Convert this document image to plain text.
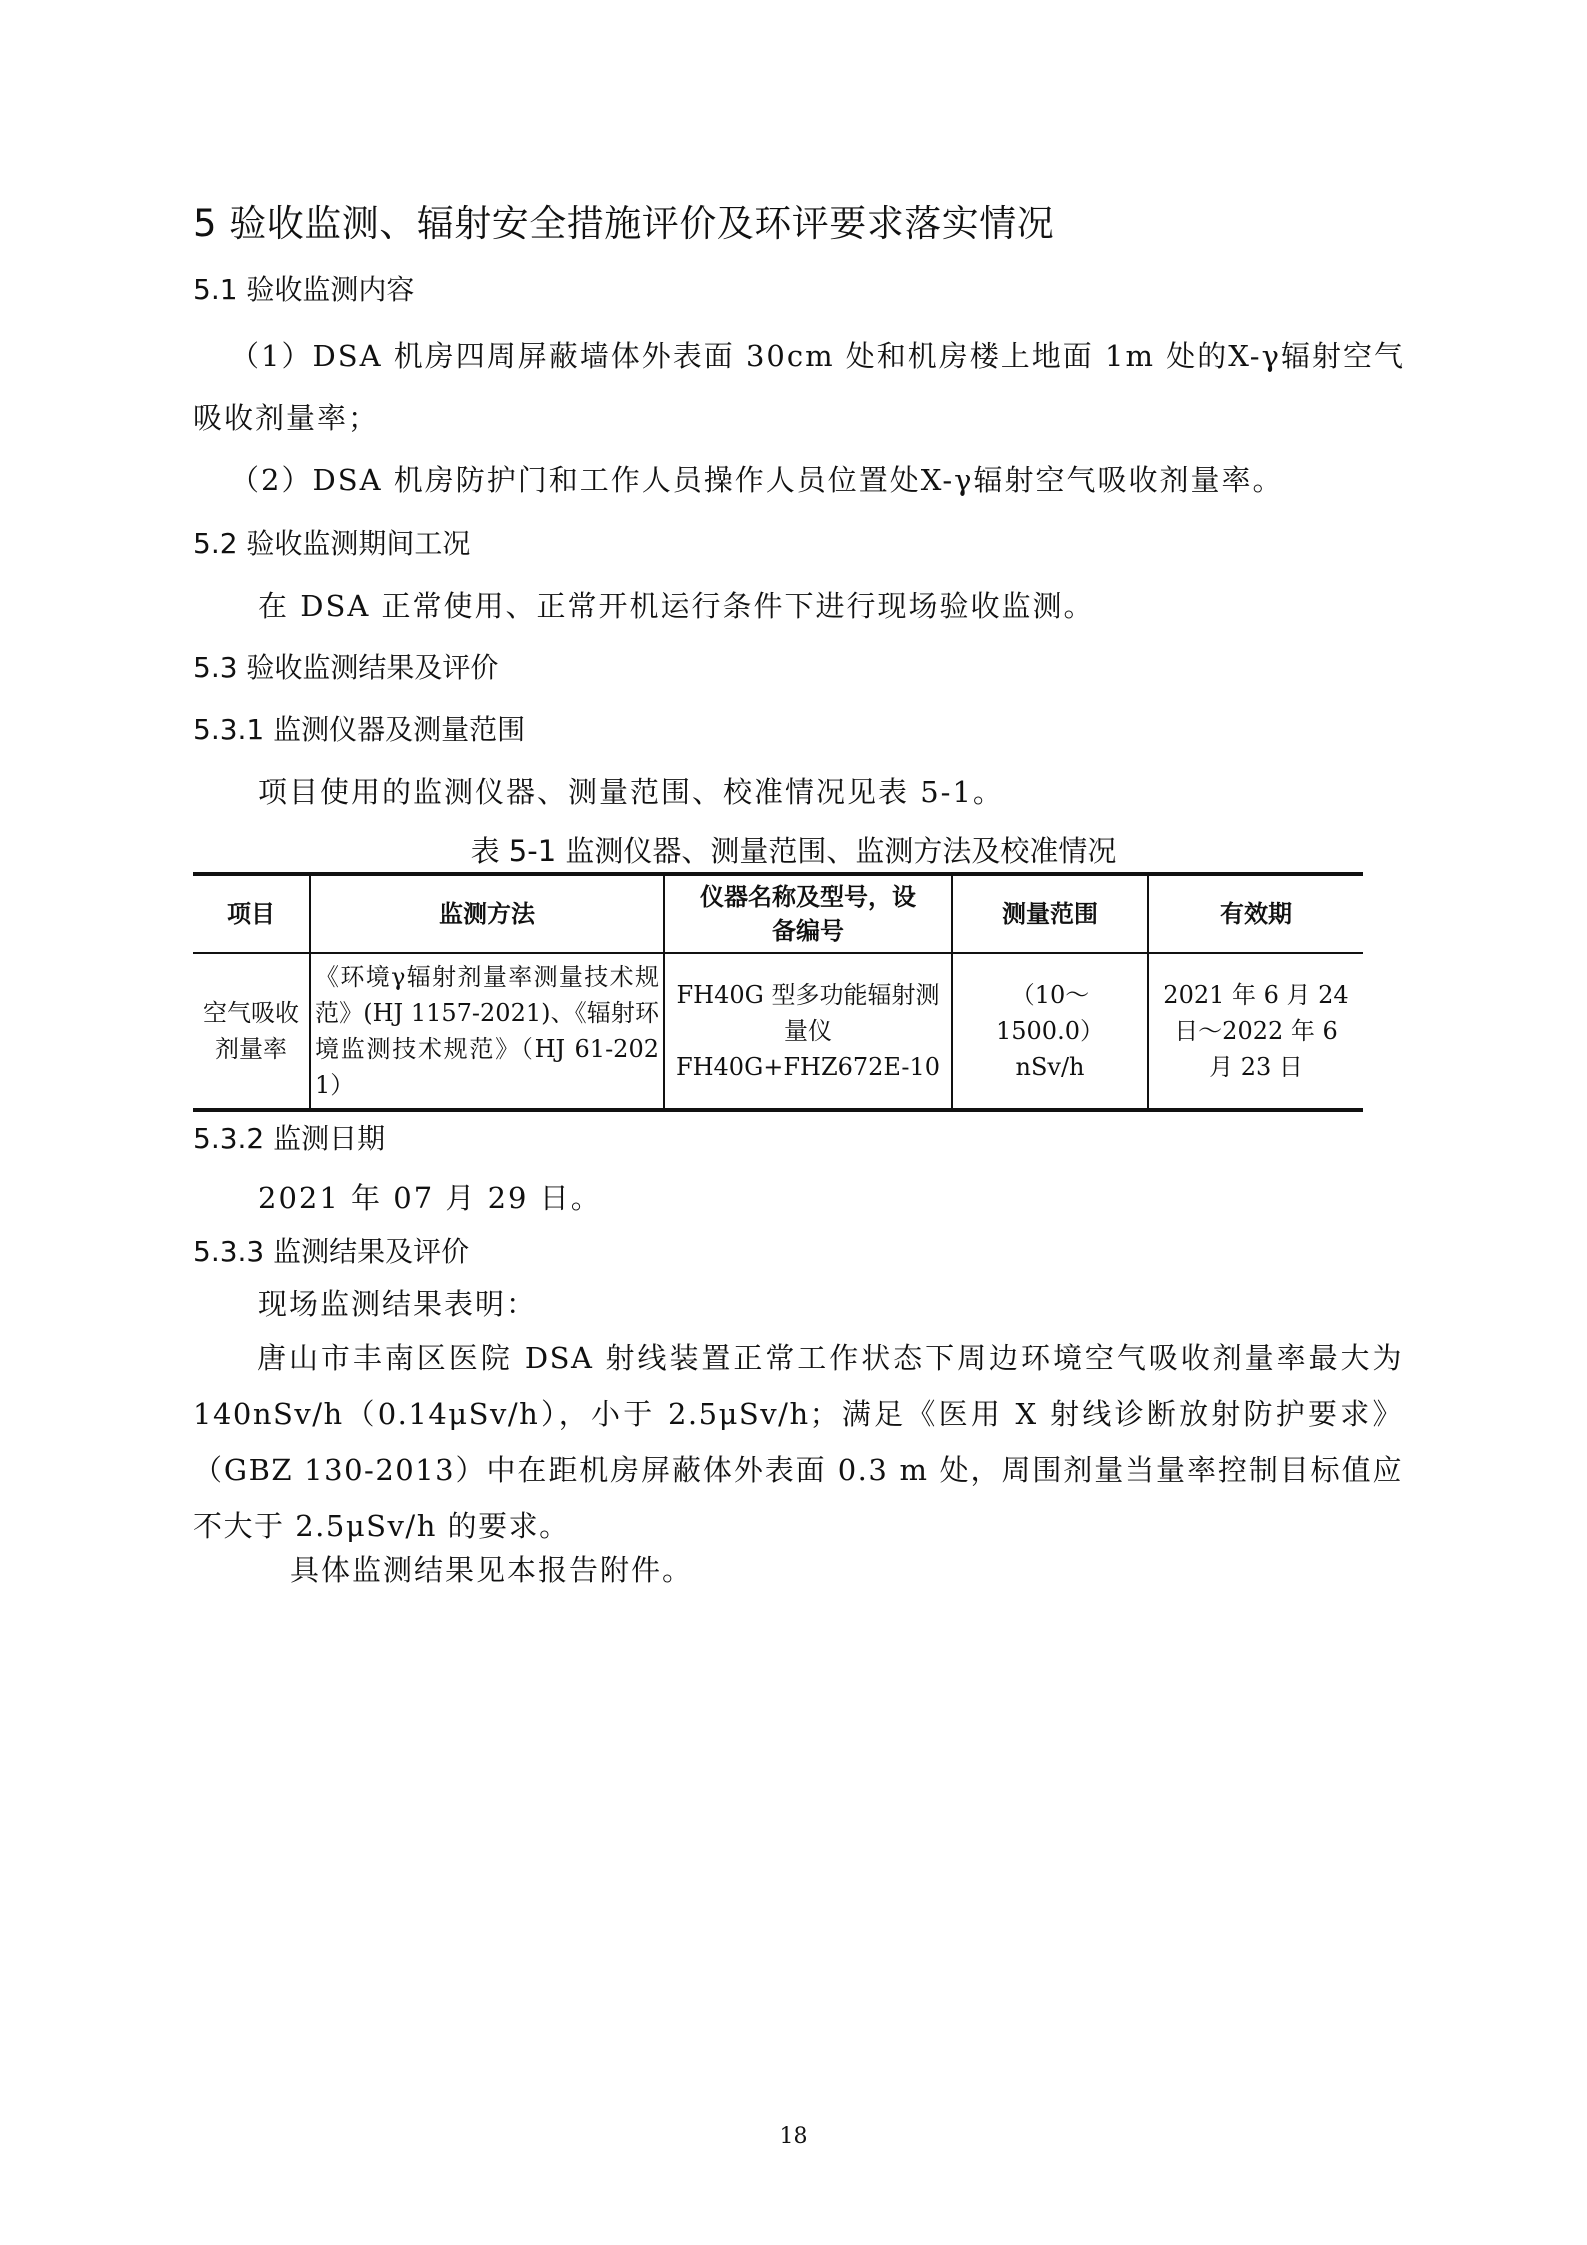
5 验收监测、辐射安全措施评价及环评要求落实情况
5.1 验收监测内容
（1）DSA 机房四周屏蔽墙体外表面 30cm 处和机房楼上地面 1m 处的X-γ辐射空气
吸收剂量率；
（2）DSA 机房防护门和工作人员操作人员位置处X-γ辐射空气吸收剂量率。
5.2 验收监测期间工况
在 DSA 正常使用、正常开机运行条件下进行现场验收监测。
5.3 验收监测结果及评价
5.3.1 监测仪器及测量范围
项目使用的监测仪器、测量范围、校准情况见表 5-1。
表 5-1 监测仪器、测量范围、监测方法及校准情况
项目	监测方法	仪器名称及型号，设备编号	测量范围	有效期
空气吸收剂量率	《环境γ辐射剂量率测量技术规范》(HJ 1157-2021)、《辐射环境监测技术规范》（HJ 61-2021）	FH40G 型多功能辐射测量仪 FH40G+FHZ672E-10	（10～1500.0）nSv/h	2021 年 6 月 24 日～2022 年 6 月 23 日
5.3.2 监测日期
2021 年 07 月 29 日。
5.3.3 监测结果及评价
现场监测结果表明：
唐山市丰南区医院 DSA 射线装置正常工作状态下周边环境空气吸收剂量率最大为 140nSv/h（0.14μSv/h），小于 2.5μSv/h；满足《医用 X 射线诊断放射防护要求》（GBZ 130-2013）中在距机房屏蔽体外表面 0.3 m 处，周围剂量当量率控制目标值应不大于 2.5μSv/h 的要求。
具体监测结果见本报告附件。
18
